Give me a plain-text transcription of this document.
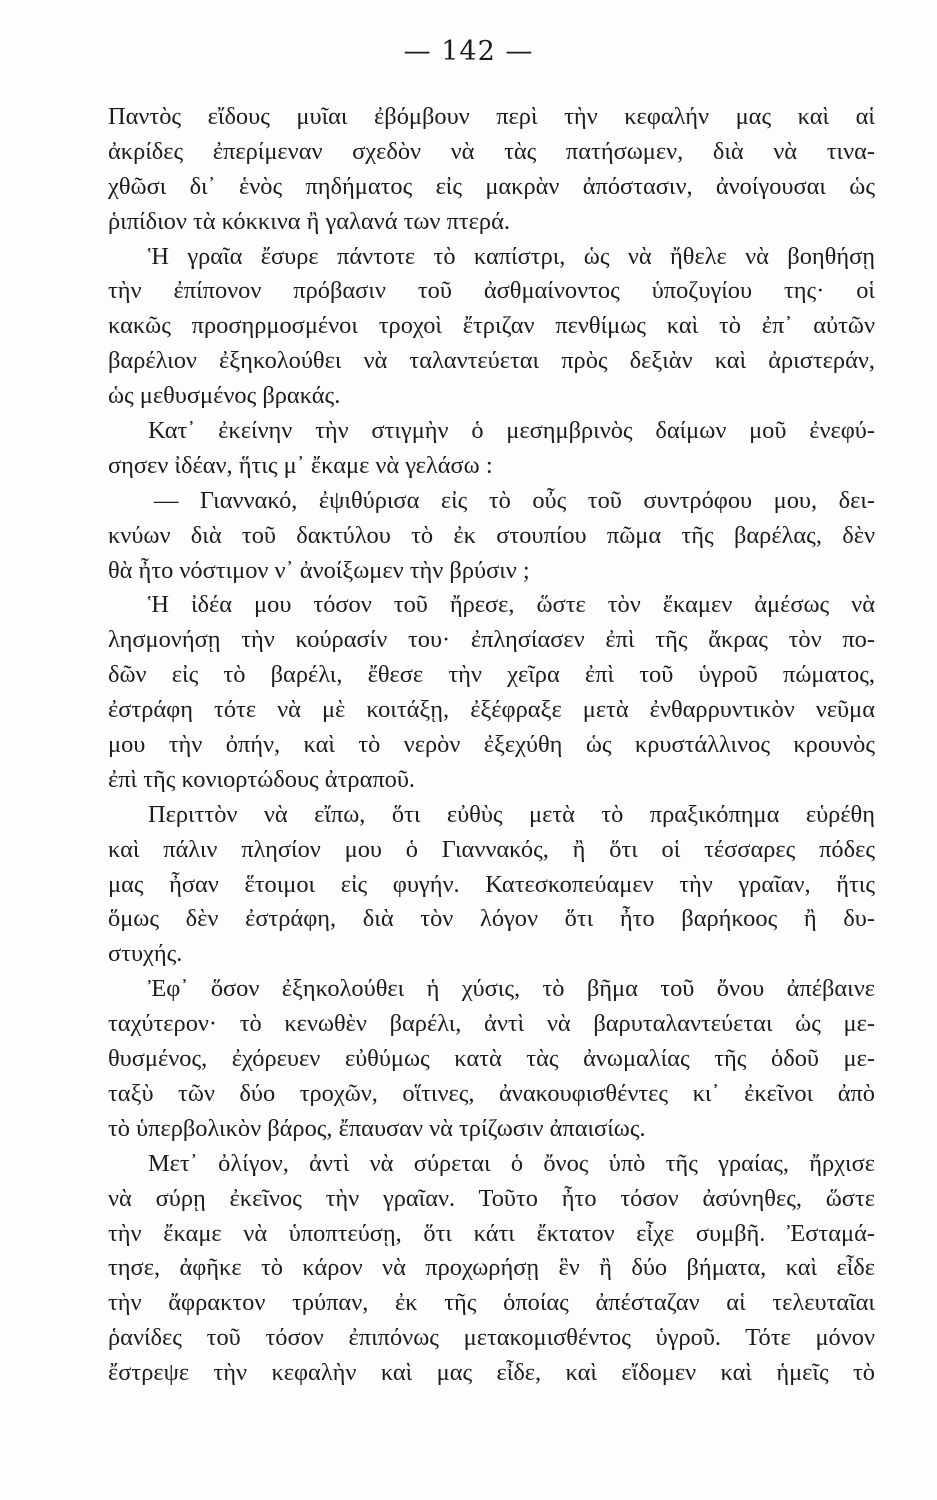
— 142 —
Παντὸς εἴδους μυῖαι ἐβόμβουν περὶ τὴν κεφαλήν μας καὶ αἱ
ἀκρίδες ἐπερίμεναν σχεδὸν νὰ τὰς πατήσωμεν, διὰ νὰ τινα-
χθῶσι δι᾿ ἑνὸς πηδήματος εἰς μακρὰν ἀπόστασιν, ἀνοίγουσαι ὡς
ῥιπίδιον τὰ κόκκινα ἢ γαλανά των πτερά.
Ἡ γραῖα ἔσυρε πάντοτε τὸ καπίστρι, ὡς νὰ ἤθελε νὰ βοηθήσῃ
τὴν ἐπίπονον πρόβασιν τοῦ ἀσθμαίνοντος ὑποζυγίου της· οἱ
κακῶς προσηρμοσμένοι τροχοὶ ἔτριζαν πενθίμως καὶ τὸ ἐπ᾿ αὐτῶν
βαρέλιον ἐξηκολούθει νὰ ταλαντεύεται πρὸς δεξιὰν καὶ ἀριστεράν,
ὡς μεθυσμένος βρακάς.
Κατ᾿ ἐκείνην τὴν στιγμὴν ὁ μεσημβρινὸς δαίμων μοῦ ἐνεφύ-
σησεν ἰδέαν, ἥτις μ᾿ ἔκαμε νὰ γελάσω :
— Γιαννακό, ἐψιθύρισα εἰς τὸ οὖς τοῦ συντρόφου μου, δει-
κνύων διὰ τοῦ δακτύλου τὸ ἐκ στουπίου πῶμα τῆς βαρέλας, δὲν
θὰ ἦτο νόστιμον ν᾿ ἀνοίξωμεν τὴν βρύσιν ;
Ἡ ἰδέα μου τόσον τοῦ ἤρεσε, ὥστε τὸν ἔκαμεν ἀμέσως νὰ
λησμονήσῃ τὴν κούρασίν του· ἐπλησίασεν ἐπὶ τῆς ἄκρας τὸν πο-
δῶν εἰς τὸ βαρέλι, ἔθεσε τὴν χεῖρα ἐπὶ τοῦ ὑγροῦ πώματος,
ἐστράφη τότε νὰ μὲ κοιτάξῃ, ἐξέφραξε μετὰ ἐνθαρρυντικὸν νεῦμα
μου τὴν ὀπήν, καὶ τὸ νερὸν ἐξεχύθη ὡς κρυστάλλινος κρουνὸς
ἐπὶ τῆς κονιορτώδους ἀτραποῦ.
Περιττὸν νὰ εἴπω, ὅτι εὐθὺς μετὰ τὸ πραξικόπημα εὑρέθη
καὶ πάλιν πλησίον μου ὁ Γιαννακός, ἢ ὅτι οἱ τέσσαρες πόδες
μας ἦσαν ἕτοιμοι εἰς φυγήν. Κατεσκοπεύαμεν τὴν γραῖαν, ἥτις
ὅμως δὲν ἐστράφη, διὰ τὸν λόγον ὅτι ἦτο βαρήκοος ἢ δυ-
στυχής.
Ἐφ᾿ ὅσον ἐξηκολούθει ἡ χύσις, τὸ βῆμα τοῦ ὄνου ἀπέβαινε
ταχύτερον· τὸ κενωθὲν βαρέλι, ἀντὶ νὰ βαρυταλαντεύεται ὡς με-
θυσμένος, ἐχόρευεν εὐθύμως κατὰ τὰς ἀνωμαλίας τῆς ὁδοῦ με-
ταξὺ τῶν δύο τροχῶν, οἵτινες, ἀνακουφισθέντες κι᾿ ἐκεῖνοι ἀπὸ
τὸ ὑπερβολικὸν βάρος, ἔπαυσαν νὰ τρίζωσιν ἀπαισίως.
Μετ᾿ ὀλίγον, ἀντὶ νὰ σύρεται ὁ ὄνος ὑπὸ τῆς γραίας, ἤρχισε
νὰ σύρῃ ἐκεῖνος τὴν γραῖαν. Τοῦτο ἦτο τόσον ἀσύνηθες, ὥστε
τὴν ἔκαμε νὰ ὑποπτεύσῃ, ὅτι κάτι ἔκτατον εἶχε συμβῆ. Ἐσταμά-
τησε, ἀφῆκε τὸ κάρον νὰ προχωρήσῃ ἓν ἢ δύο βήματα, καὶ εἶδε
τὴν ἄφρακτον τρύπαν, ἐκ τῆς ὁποίας ἀπέσταζαν αἱ τελευταῖαι
ῥανίδες τοῦ τόσον ἐπιπόνως μετακομισθέντος ὑγροῦ. Τότε μόνον
ἔστρεψε τὴν κεφαλὴν καὶ μας εἶδε, καὶ εἴδομεν καὶ ἡμεῖς τὸ
